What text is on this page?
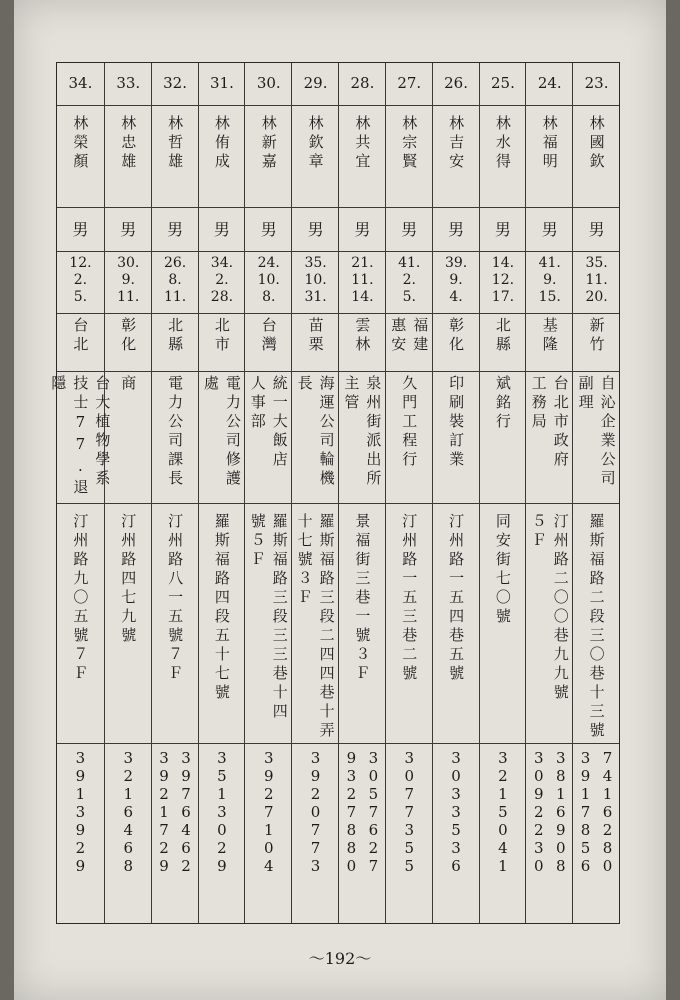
23.
林國欽
男
35.
11.
20.
新竹
副理 自沁企業公司
羅斯福路二段三〇巷十三號
3917856 7416280
24.
林福明
男
41.
9.
15.
基隆
工務局 台北市政府
５Ｆ 汀州路二〇〇巷九九號
3092230 3816908
25.
林水得
男
14.
12.
17.
北縣
斌銘行
同安街七〇號
3215041
26.
林吉安
男
39.
9.
4.
彰化
印刷裝訂業
汀州路一五四巷五號
3033536
27.
林宗賢
男
41.
2.
5.
惠安 福建
久門工程行
汀州路一五三巷二號
3077355
28.
林共宜
男
21.
11.
14.
雲林
主管 泉州街派出所
景福街三巷一號３Ｆ
9327880 3057627
29.
林欽章
男
35.
10.
31.
苗栗
海運公司輪機長
十七號３Ｆ 羅斯福路三段二四四巷十弄
3920773
30.
林新嘉
男
24.
10.
8.
台灣
人事部 統一大飯店
號５Ｆ 羅斯福路三段三三巷十四
3927104
31.
林侑成
男
34.
2.
28.
北市
電力公司修護處
羅斯福路四段五十七號
3513029
32.
林哲雄
男
26.
8.
11.
北縣
電力公司課長
汀州路八一五號７Ｆ
3921729 3976462
33.
林忠雄
男
30.
9.
11.
彰化
商
汀州路四七九號
3216468
34.
林榮顏
男
12.
2.
5.
台北
技士77.退隱	台大植物學系
汀州路九〇五號７Ｆ
3913929
～192～
